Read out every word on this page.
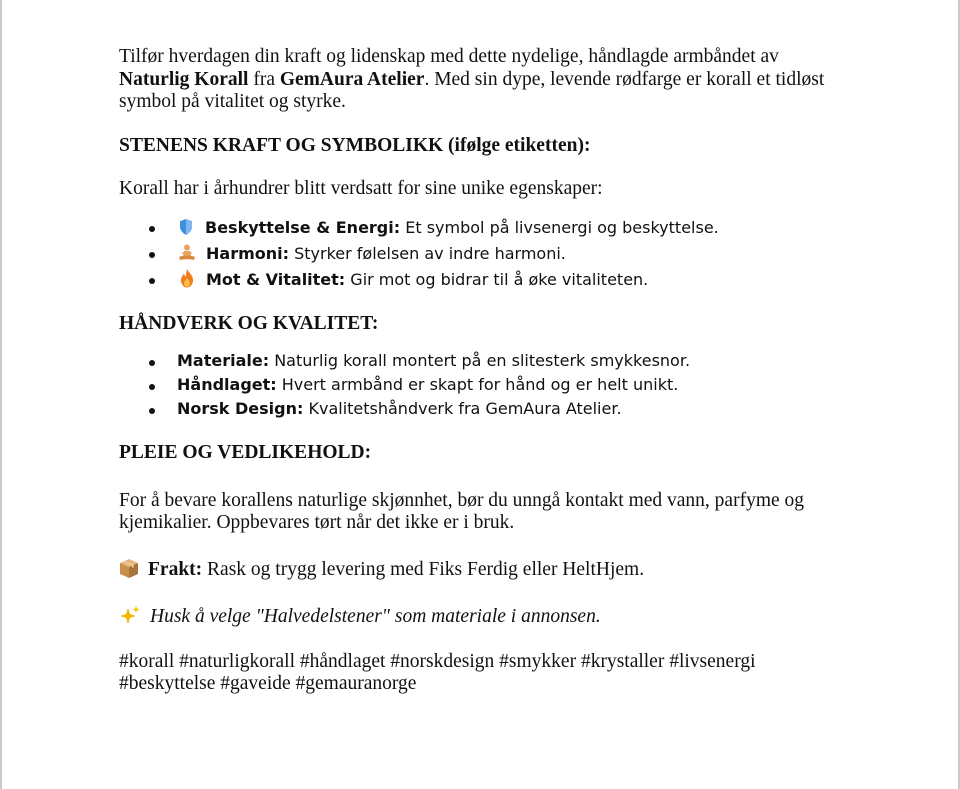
Tilfør hverdagen din kraft og lidenskap med dette nydelige, håndlagde armbåndet av Naturlig Korall fra GemAura Atelier. Med sin dype, levende rødfarge er korall et tidløst symbol på vitalitet og styrke.

STENENS KRAFT OG SYMBOLIKK (ifølge etiketten):

Korall har i århundrer blitt verdsatt for sine unike egenskaper:

Beskyttelse & Energi: Et symbol på livsenergi og beskyttelse.
Harmoni: Styrker følelsen av indre harmoni.
Mot & Vitalitet: Gir mot og bidrar til å øke vitaliteten.
HÅNDVERK OG KVALITET:
Materiale: Naturlig korall montert på en slitesterk smykkesnor.
Håndlaget: Hvert armbånd er skapt for hånd og er helt unikt.
Norsk Design: Kvalitetshåndverk fra GemAura Atelier.
PLEIE OG VEDLIKEHOLD:

For å bevare korallens naturlige skjønnhet, bør du unngå kontakt med vann, parfyme og kjemikalier. Oppbevares tørt når det ikke er i bruk.

Frakt: Rask og trygg levering med Fiks Ferdig eller HeltHjem.

Husk å velge "Halvedelstener" som materiale i annonsen.

#korall #naturligkorall #håndlaget #norskdesign #smykker #krystaller #livsenergi #beskyttelse #gaveide #gemauranorge
